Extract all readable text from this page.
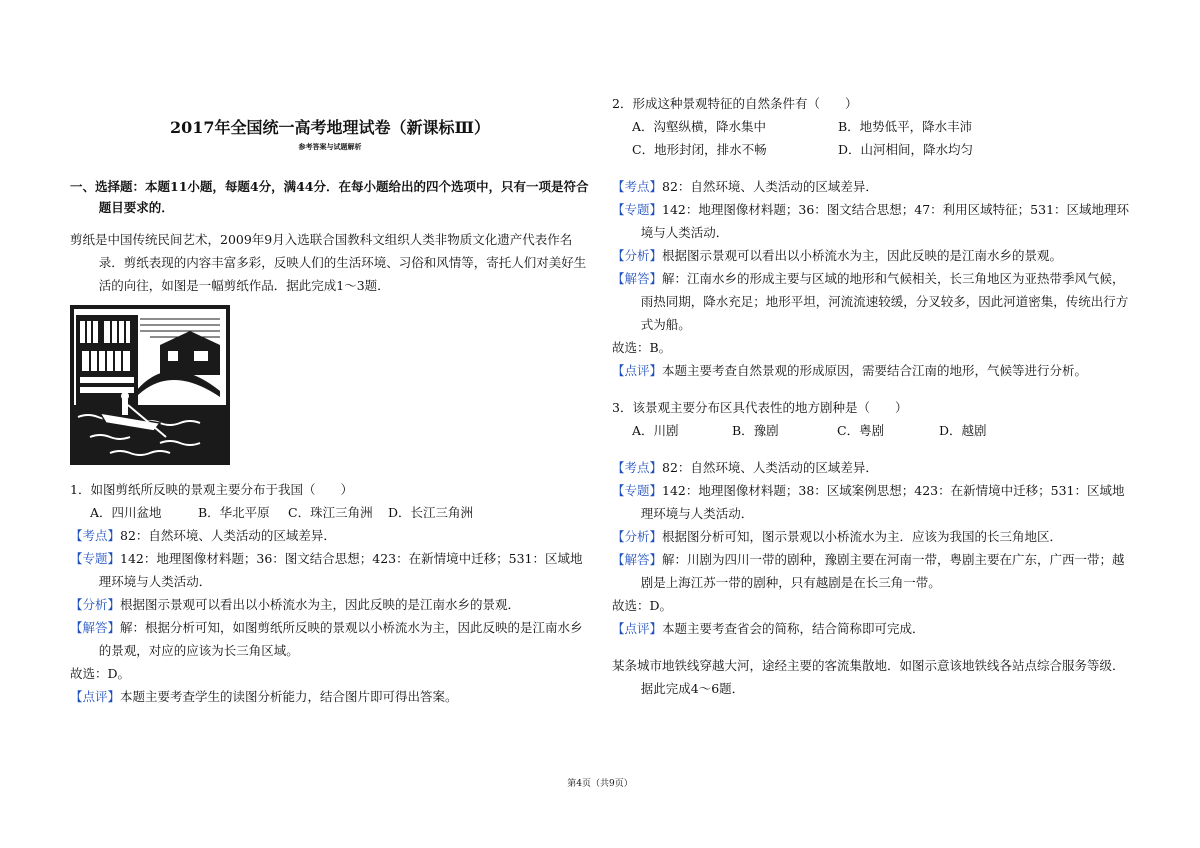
2017年全国统一高考地理试卷（新课标Ⅲ）

参考答案与试题解析

一、选择题：本题11小题，每题4分，满44分．在每小题给出的四个选项中，只有一项是符合题目要求的．

剪纸是中国传统民间艺术，2009年9月入选联合国教科文组织人类非物质文化遗产代表作名录．剪纸表现的内容丰富多彩，反映人们的生活环境、习俗和风情等，寄托人们对美好生活的向往，如图是一幅剪纸作品．据此完成1～3题．

1．如图剪纸所反映的景观主要分布于我国（　　）

A．四川盆地	B．华北平原	C．珠江三角洲	D．长江三角洲

【考点】82：自然环境、人类活动的区域差异．

【专题】142：地理图像材料题；36：图文结合思想；423：在新情境中迁移；531：区域地理环境与人类活动．

【分析】根据图示景观可以看出以小桥流水为主，因此反映的是江南水乡的景观．

【解答】解：根据分析可知，如图剪纸所反映的景观以小桥流水为主，因此反映的是江南水乡的景观，对应的应该为长三角区域。

故选：D。

【点评】本题主要考查学生的读图分析能力，结合图片即可得出答案。

2．形成这种景观特征的自然条件有（　　）

A．沟壑纵横，降水集中	B．地势低平，降水丰沛
C．地形封闭，排水不畅	D．山河相间，降水均匀

【考点】82：自然环境、人类活动的区域差异．

【专题】142：地理图像材料题；36：图文结合思想；47：利用区域特征；531：区域地理环境与人类活动．

【分析】根据图示景观可以看出以小桥流水为主，因此反映的是江南水乡的景观。

【解答】解：江南水乡的形成主要与区域的地形和气候相关，长三角地区为亚热带季风气候，雨热同期，降水充足；地形平坦，河流流速较缓，分叉较多，因此河道密集，传统出行方式为船。

故选：B。

【点评】本题主要考查自然景观的形成原因，需要结合江南的地形，气候等进行分析。

3．该景观主要分布区具代表性的地方剧种是（　　）

A．川剧	B．豫剧	C．粤剧	D．越剧

【考点】82：自然环境、人类活动的区域差异．

【专题】142：地理图像材料题；38：区域案例思想；423：在新情境中迁移；531：区域地理环境与人类活动．

【分析】根据图分析可知，图示景观以小桥流水为主．应该为我国的长三角地区．

【解答】解：川剧为四川一带的剧种，豫剧主要在河南一带，粤剧主要在广东，广西一带；越剧是上海江苏一带的剧种，只有越剧是在长三角一带。

故选：D。

【点评】本题主要考查省会的简称，结合简称即可完成．

某条城市地铁线穿越大河，途经主要的客流集散地．如图示意该地铁线各站点综合服务等级．据此完成4～6题．

第4页（共9页）
